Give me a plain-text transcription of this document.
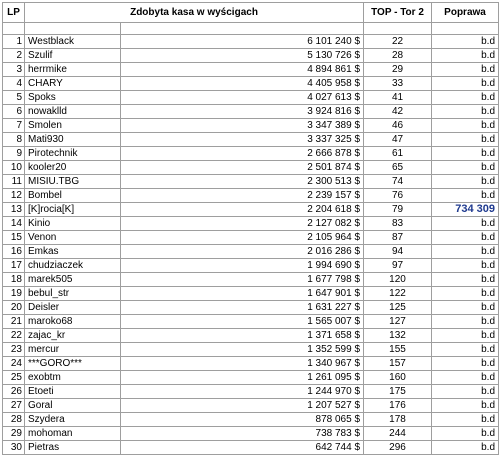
LP	Zdobyta kasa w wyścigach		TOP - Tor 2	Poprawa

1	Westblack	6 101 240 $	22	b.d
2	Szulif	5 130 726 $	28	b.d
3	herrmike	4 894 861 $	29	b.d
4	CHARY	4 405 958 $	33	b.d
5	Spoks	4 027 613 $	41	b.d
6	nowaklld	3 924 816 $	42	b.d
7	Smolen	3 347 389 $	46	b.d
8	Mati930	3 337 325 $	47	b.d
9	Pirotechnik	2 666 878 $	61	b.d
10	kooler20	2 501 874 $	65	b.d
11	MISIU.TBG	2 300 513 $	74	b.d
12	Bombel	2 239 157 $	76	b.d
13	[K]rocia[K]	2 204 618 $	79	734 309
14	Kinio	2 127 082 $	83	b.d
15	Venon	2 105 964 $	87	b.d
16	Emkas	2 016 286 $	94	b.d
17	chudziaczek	1 994 690 $	97	b.d
18	marek505	1 677 798 $	120	b.d
19	bebul_str	1 647 901 $	122	b.d
20	Deisler	1 631 227 $	125	b.d
21	maroko68	1 565 007 $	127	b.d
22	zajac_kr	1 371 658 $	132	b.d
23	mercur	1 352 599 $	155	b.d
24	***GORO***	1 340 967 $	157	b.d
25	exobtm	1 261 095 $	160	b.d
26	Etoeti	1 244 970 $	175	b.d
27	Goral	1 207 527 $	176	b.d
28	Szydera	878 065 $	178	b.d
29	mohoman	738 783 $	244	b.d
30	Pietras	642 744 $	296	b.d
